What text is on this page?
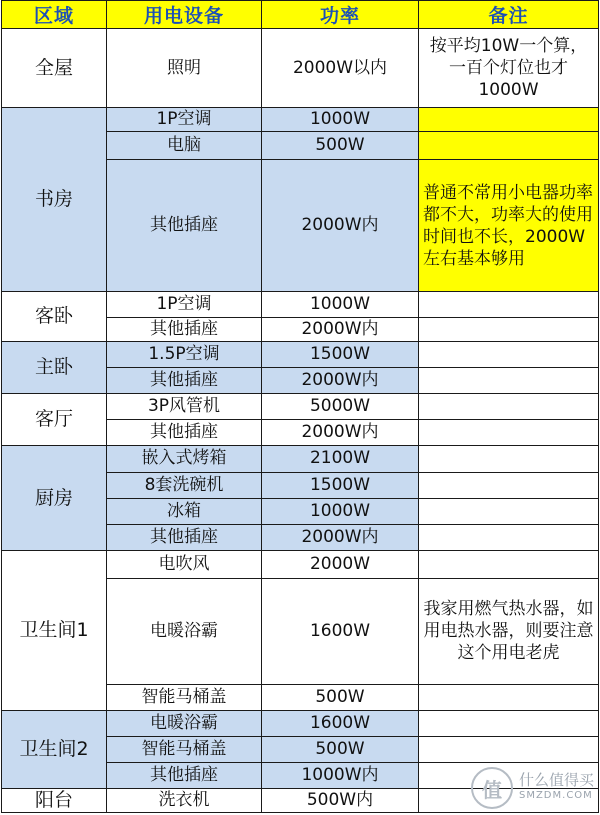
区域	用电设备	功率	备注
全屋	照明	2000W以内	按平均10W一个算，一百个灯位也才1000W
书房	1P空调	1000W	
	电脑	500W	
	其他插座	2000W内	普通不常用小电器功率都不大，功率大的使用时间也不长，2000W左右基本够用
客卧	1P空调	1000W	
	其他插座	2000W内	
主卧	1.5P空调	1500W	
	其他插座	2000W内	
客厅	3P风管机	5000W	
	其他插座	2000W内	
厨房	嵌入式烤箱	2100W	
	8套洗碗机	1500W	
	冰箱	1000W	
	其他插座	2000W内	
卫生间1	电吹风	2000W	
	电暖浴霸	1600W	我家用燃气热水器，如用电热水器，则要注意这个用电老虎
	智能马桶盖	500W	
卫生间2	电暖浴霸	1600W	
	智能马桶盖	500W	
	其他插座	1000W内	
阳台	洗衣机	500W内		值	什么值得买
SMZDM.COM
